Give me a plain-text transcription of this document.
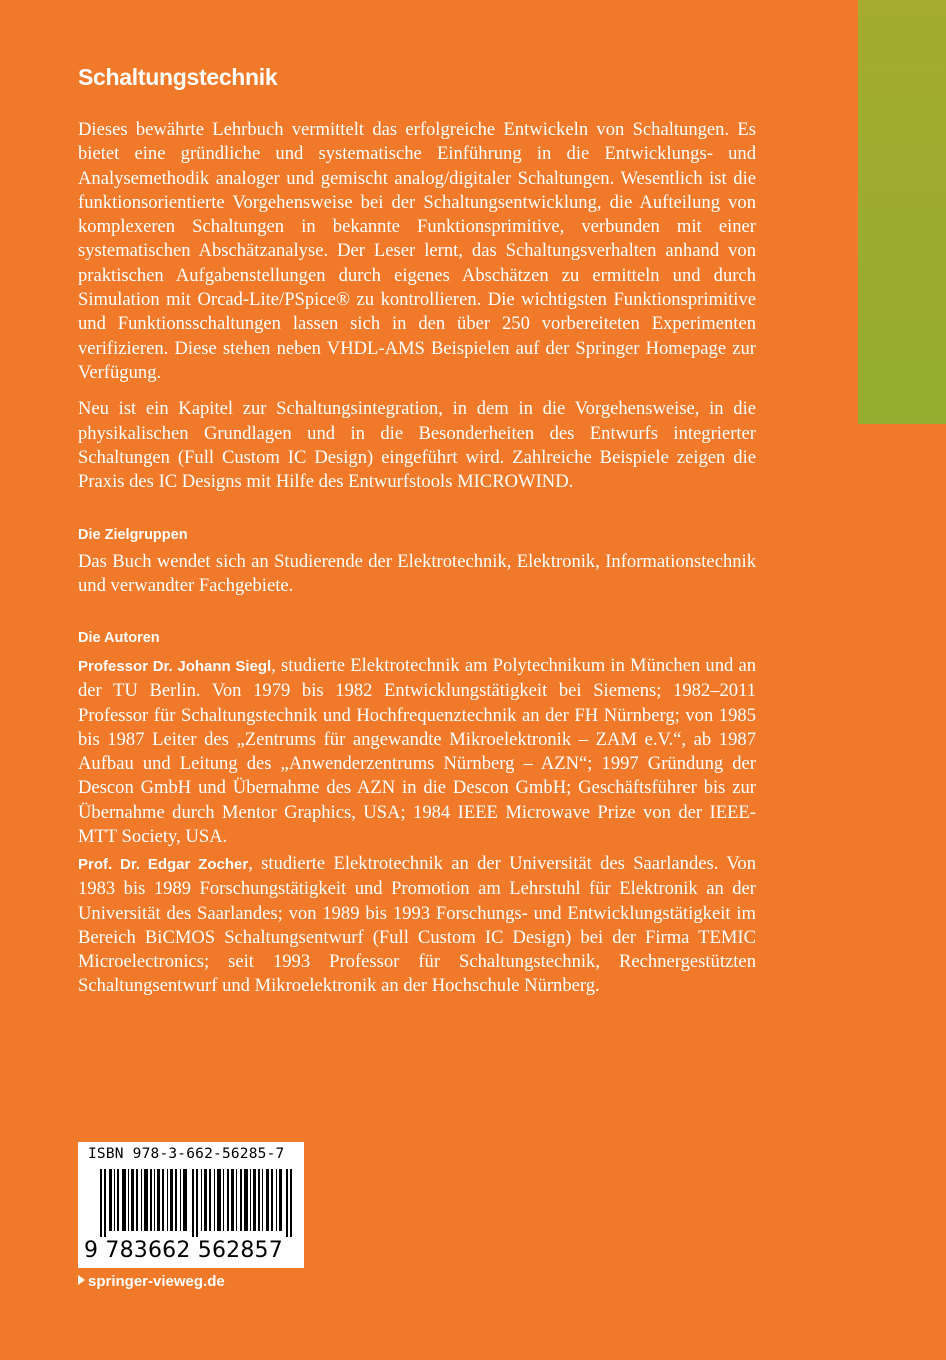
Schaltungstechnik

Dieses bewährte Lehrbuch vermittelt das erfolgreiche Entwickeln von Schaltungen. Es bietet eine gründliche und systematische Einführung in die Entwicklungs- und Analysemethodik analoger und gemischt analog/digitaler Schaltungen. Wesentlich ist die funktionsorientierte Vorgehensweise bei der Schaltungsentwicklung, die Aufteilung von komplexeren Schaltungen in bekannte Funktionsprimitive, verbunden mit einer systematischen Abschätzanalyse. Der Leser lernt, das Schaltungsverhalten anhand von praktischen Aufgabenstellungen durch eigenes Abschätzen zu ermitteln und durch Simulation mit Orcad-Lite/PSpice® zu kontrollieren. Die wichtigsten Funktionsprimitive und Funktionsschaltungen lassen sich in den über 250 vorbereiteten Experimenten verifizieren. Diese stehen neben VHDL-AMS Beispielen auf der Springer Homepage zur Verfügung.

Neu ist ein Kapitel zur Schaltungsintegration, in dem in die Vorgehensweise, in die physikalischen Grundlagen und in die Besonderheiten des Entwurfs integrierter Schaltungen (Full Custom IC Design) eingeführt wird. Zahlreiche Beispiele zeigen die Praxis des IC Designs mit Hilfe des Entwurfstools MICROWIND.

Die Zielgruppen
Das Buch wendet sich an Studierende der Elektrotechnik, Elektronik, Informationstechnik und verwandter Fachgebiete.
Die Autoren
Professor Dr. Johann Siegl, studierte Elektrotechnik am Polytechnikum in München und an der TU Berlin. Von 1979 bis 1982 Entwicklungstätigkeit bei Siemens; 1982–2011 Professor für Schaltungstechnik und Hochfrequenztechnik an der FH Nürnberg; von 1985 bis 1987 Leiter des „Zentrums für angewandte Mikroelektronik – ZAM e.V.“, ab 1987 Aufbau und Leitung des „Anwenderzentrums Nürnberg – AZN“; 1997 Gründung der Descon GmbH und Übernahme des AZN in die Descon GmbH; Geschäftsführer bis zur Übernahme durch Mentor Graphics, USA; 1984 IEEE Microwave Prize von der IEEE-MTT Society, USA.
Prof. Dr. Edgar Zocher, studierte Elektrotechnik an der Universität des Saarlandes. Von 1983 bis 1989 Forschungstätigkeit und Promotion am Lehrstuhl für Elektronik an der Universität des Saarlandes; von 1989 bis 1993 Forschungs- und Entwicklungstätigkeit im Bereich BiCMOS Schaltungsentwurf (Full Custom IC Design) bei der Firma TEMIC Microelectronics; seit 1993 Professor für Schaltungstechnik, Rechnergestützten Schaltungsentwurf und Mikroelektronik an der Hochschule Nürnberg.
ISBN 978-3-662-56285-7
9 783662 562857
springer-vieweg.de
